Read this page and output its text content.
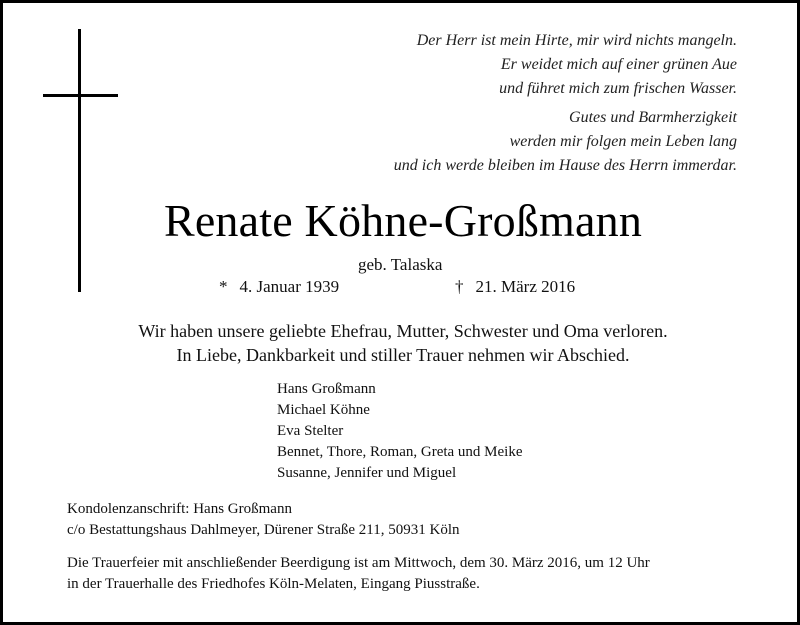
Der Herr ist mein Hirte, mir wird nichts mangeln.
Er weidet mich auf einer grünen Aue
und führet mich zum frischen Wasser.
Gutes und Barmherzigkeit
werden mir folgen mein Leben lang
und ich werde bleiben im Hause des Herrn immerdar.
Renate Köhne-Großmann
geb. Talaska
* 4. Januar 1939	† 21. März 2016
Wir haben unsere geliebte Ehefrau, Mutter, Schwester und Oma verloren.
In Liebe, Dankbarkeit und stiller Trauer nehmen wir Abschied.
Hans Großmann
Michael Köhne
Eva Stelter
Bennet, Thore, Roman, Greta und Meike
Susanne, Jennifer und Miguel
Kondolenzanschrift: Hans Großmann
c/o Bestattungshaus Dahlmeyer, Dürener Straße 211, 50931 Köln
Die Trauerfeier mit anschließender Beerdigung ist am Mittwoch, dem 30. März 2016, um 12 Uhr
in der Trauerhalle des Friedhofes Köln-Melaten, Eingang Piusstraße.
